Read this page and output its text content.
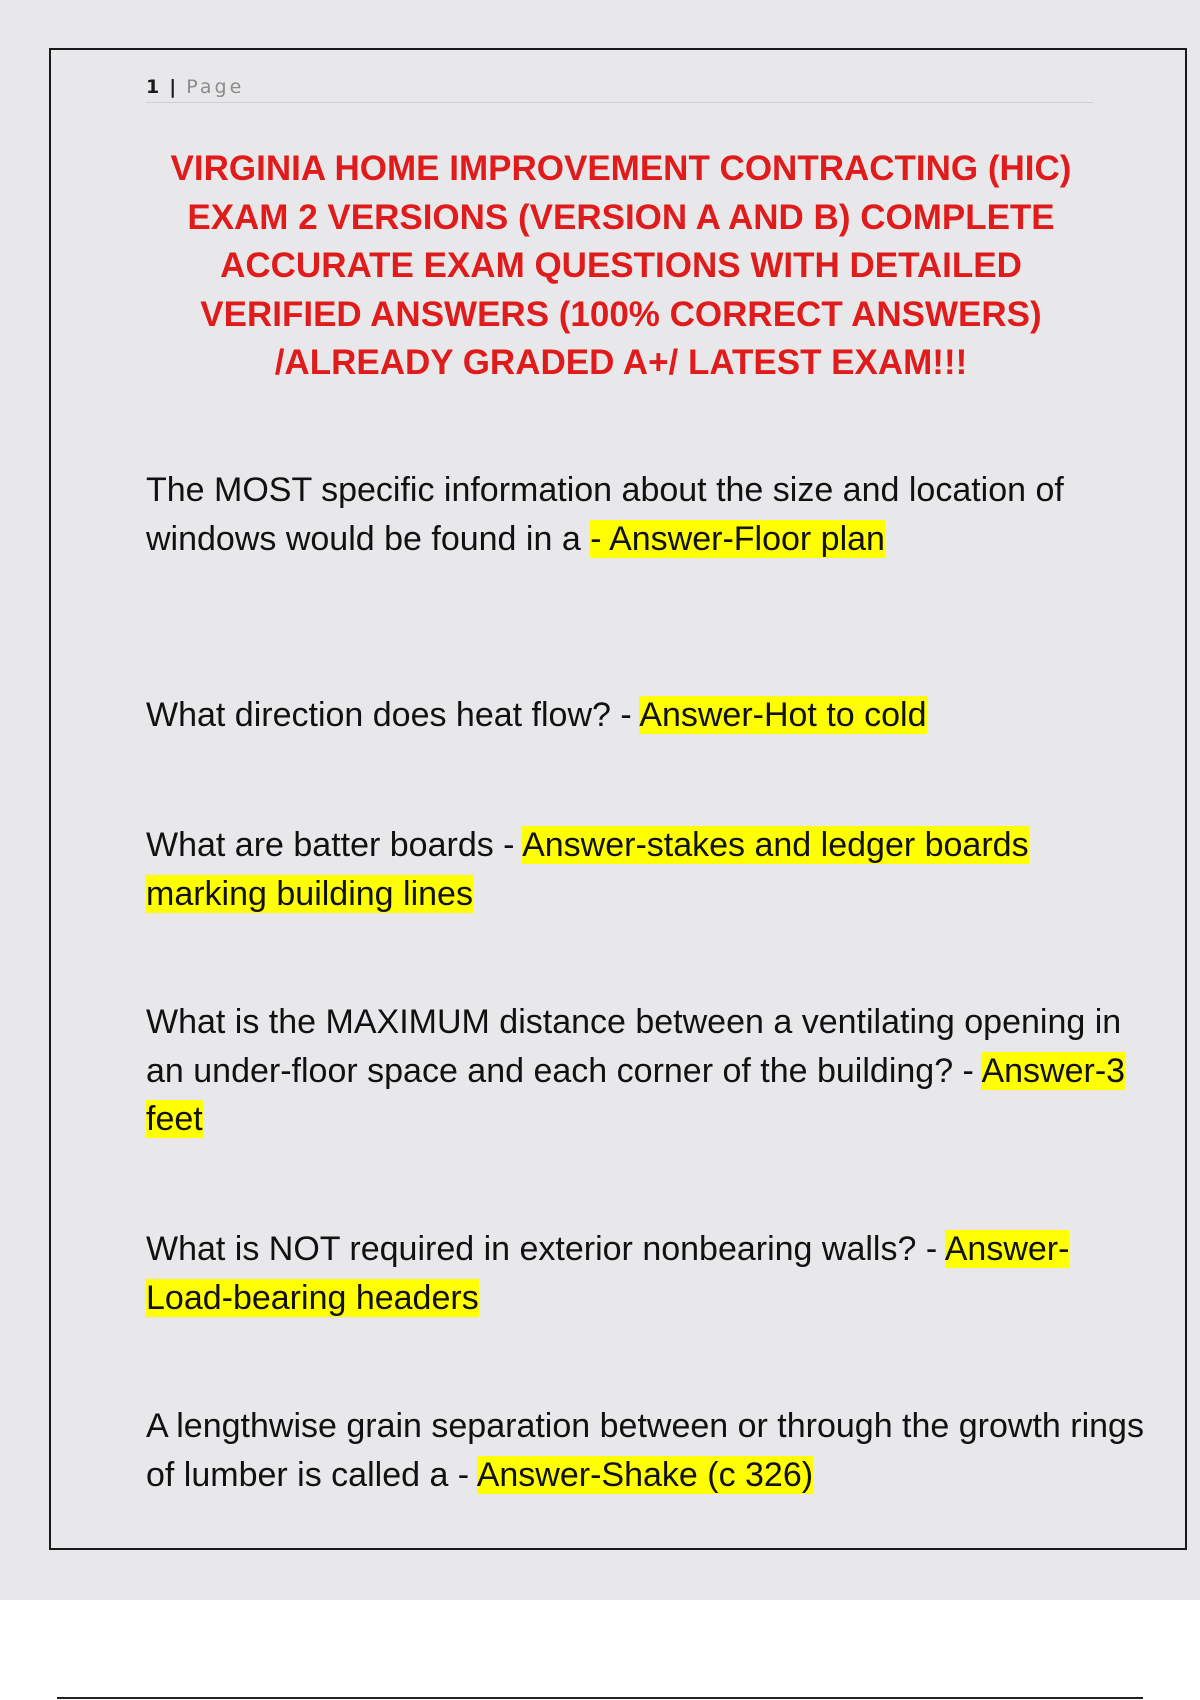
1 | Page
VIRGINIA HOME IMPROVEMENT CONTRACTING (HIC)
EXAM 2 VERSIONS (VERSION A AND B) COMPLETE
ACCURATE EXAM QUESTIONS WITH DETAILED
VERIFIED ANSWERS (100% CORRECT ANSWERS)
/ALREADY GRADED A+/ LATEST EXAM!!!

The MOST specific information about the size and location of windows would be found in a - Answer-Floor plan

What direction does heat flow? - Answer-Hot to cold

What are batter boards - Answer-stakes and ledger boards marking building lines

What is the MAXIMUM distance between a ventilating opening in an under-floor space and each corner of the building? - Answer-3 feet

What is NOT required in exterior nonbearing walls? - Answer-Load-bearing headers

A lengthwise grain separation between or through the growth rings of lumber is called a - Answer-Shake (c 326)
